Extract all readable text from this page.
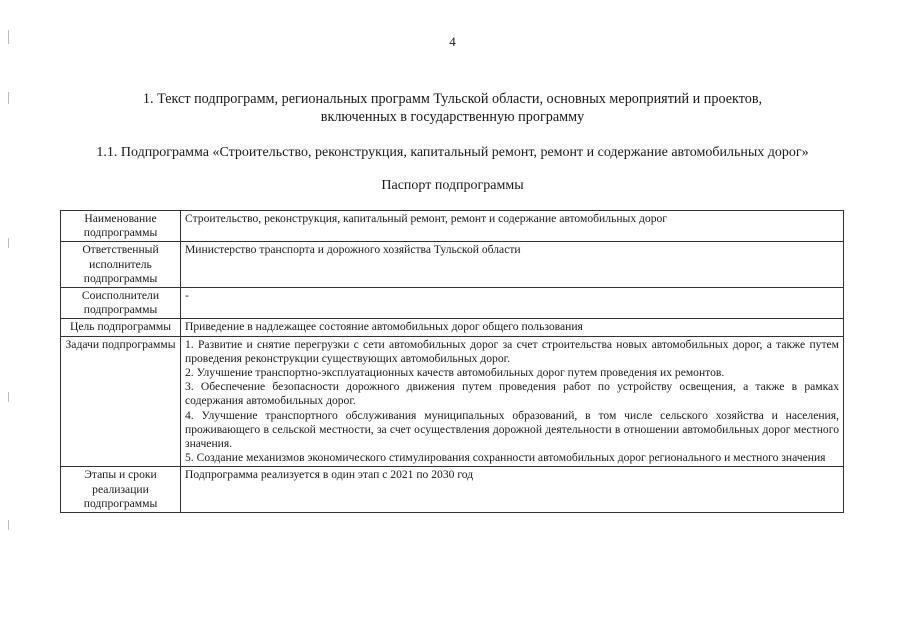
4
1. Текст подпрограмм, региональных программ Тульской области, основных мероприятий и проектов,
включенных в государственную программу
1.1. Подпрограмма «Строительство, реконструкция, капитальный ремонт, ремонт и содержание автомобильных дорог»
Паспорт подпрограммы
Наименование подпрограммы	Строительство, реконструкция, капитальный ремонт, ремонт и содержание автомобильных дорог
Ответственный исполнитель подпрограммы	Министерство транспорта и дорожного хозяйства Тульской области
Соисполнители подпрограммы	-
Цель подпрограммы	Приведение в надлежащее состояние автомобильных дорог общего пользования
Задачи подпрограммы	1. Развитие и снятие перегрузки с сети автомобильных дорог за счет строительства новых автомобильных дорог, а также путем проведения реконструкции существующих автомобильных дорог.
2. Улучшение транспортно-эксплуатационных качеств автомобильных дорог путем проведения их ремонтов.
3. Обеспечение безопасности дорожного движения путем проведения работ по устройству освещения, а также в рамках содержания автомобильных дорог.
4. Улучшение транспортного обслуживания муниципальных образований, в том числе сельского хозяйства и населения, проживающего в сельской местности, за счет осуществления дорожной деятельности в отношении автомобильных дорог местного значения.
5. Создание механизмов экономического стимулирования сохранности автомобильных дорог регионального и местного значения

Этапы и сроки реализации подпрограммы	Подпрограмма реализуется в один этап с 2021 по 2030 год
